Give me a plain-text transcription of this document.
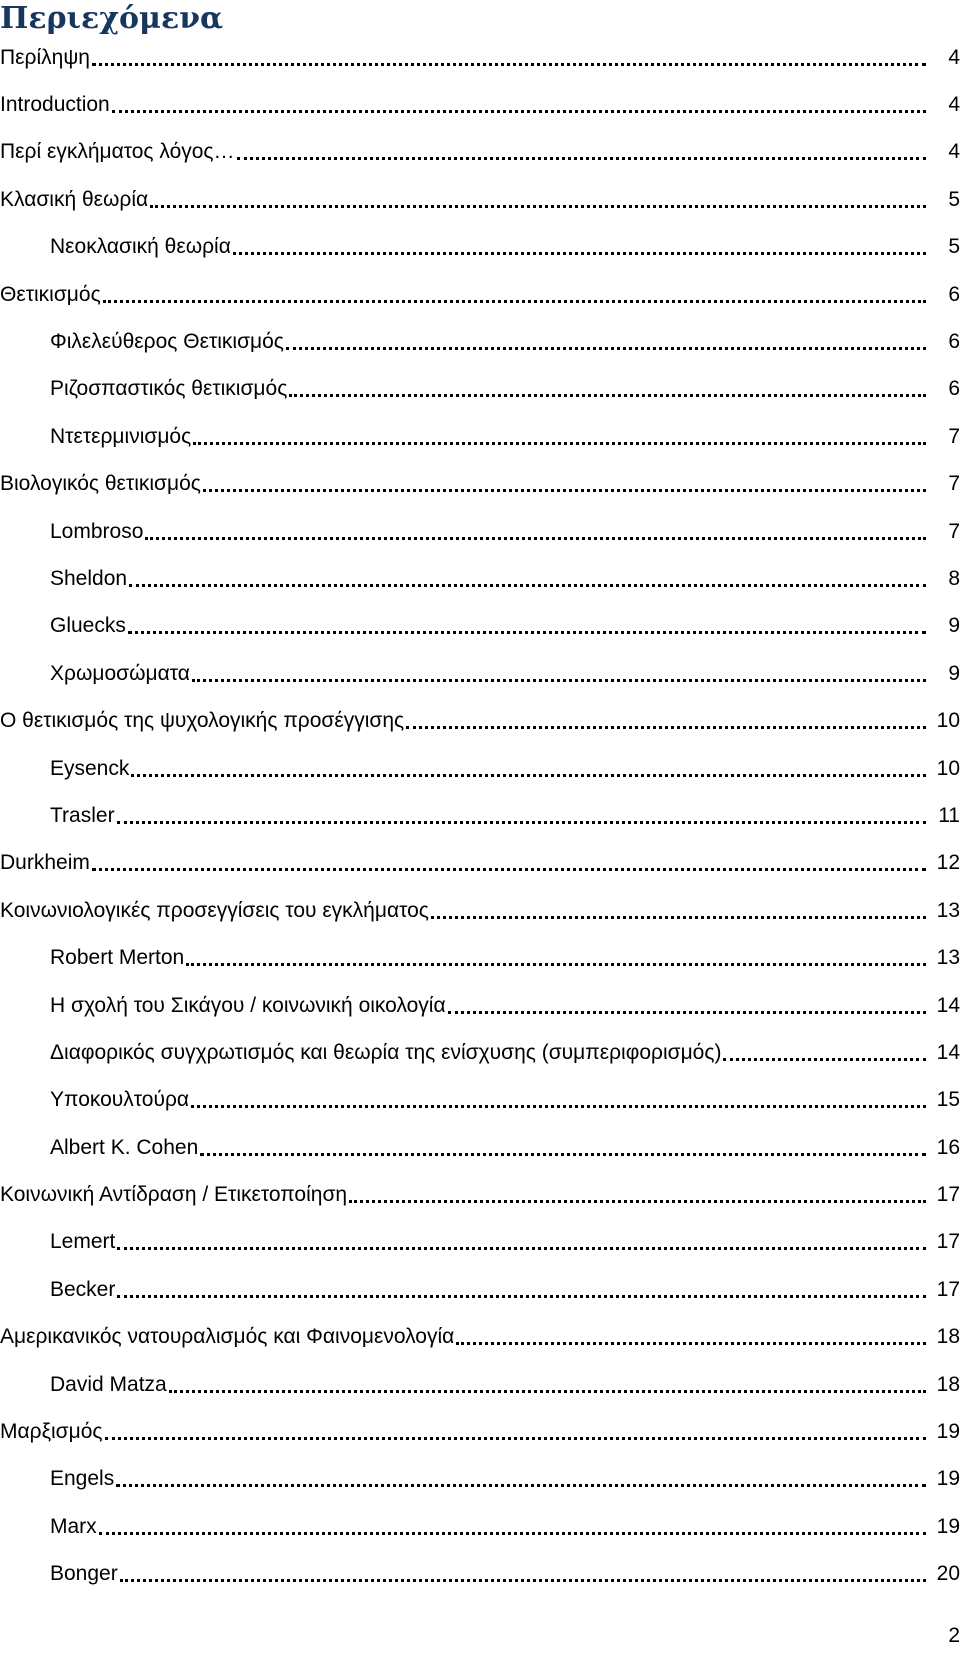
Περιεχόμενα
Περίληψη	4
Introduction	4
Περί εγκλήματος λόγος…	4
Κλασική θεωρία	5
Νεοκλασική θεωρία	5
Θετικισμός	6
Φιλελεύθερος Θετικισμός	6
Ριζοσπαστικός θετικισμός	6
Ντετερμινισμός	7
Βιολογικός θετικισμός	7
Lombroso	7
Sheldon	8
Gluecks	9
Χρωμοσώματα	9
Ο θετικισμός της ψυχολογικής προσέγγισης	10
Eysenck	10
Trasler	11
Durkheim	12
Κοινωνιολογικές προσεγγίσεις του εγκλήματος	13
Robert Merton	13
Η σχολή του Σικάγου / κοινωνική οικολογία	14
Διαφορικός συγχρωτισμός και θεωρία της ενίσχυσης (συμπεριφορισμός)	14
Υποκουλτούρα	15
Albert K. Cohen	16
Κοινωνική Αντίδραση / Ετικετοποίηση	17
Lemert	17
Becker	17
Αμερικανικός νατουραλισμός και Φαινομενολογία	18
David Matza	18
Μαρξισμός	19
Engels	19
Marx	19
Bonger	20
2
